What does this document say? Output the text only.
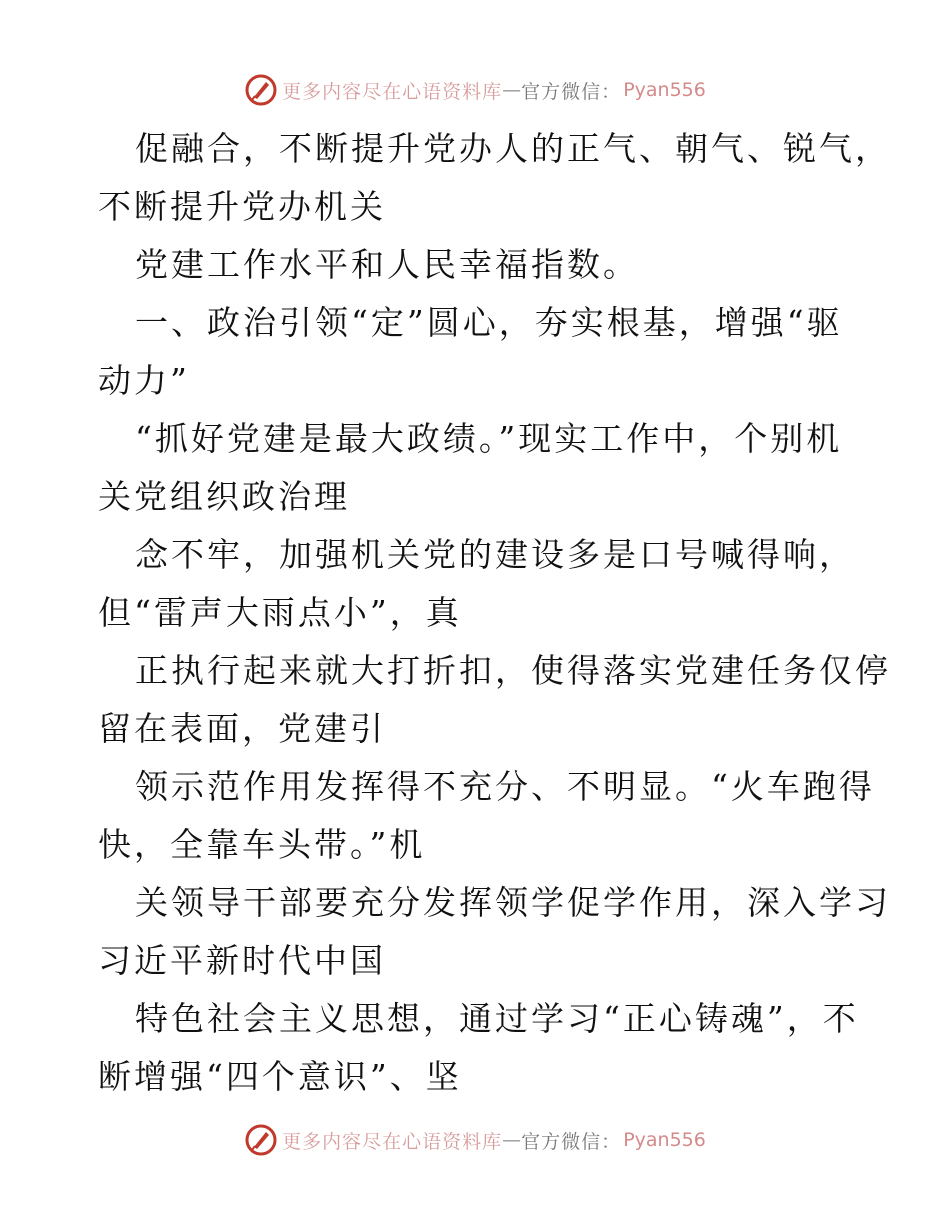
更多内容尽在心语资料库 — 官方微信： Pyan556
促融合，不断提升党办人的正气、朝气、锐气，
不断提升党办机关
党建工作水平和人民幸福指数。
一、政治引领“定”圆心，夯实根基，增强“驱
动力”
“抓好党建是最大政绩。”现实工作中，个别机
关党组织政治理
念不牢，加强机关党的建设多是口号喊得响，
但“雷声大雨点小”，真
正执行起来就大打折扣，使得落实党建任务仅停
留在表面，党建引
领示范作用发挥得不充分、不明显。“火车跑得
快，全靠车头带。”机
关领导干部要充分发挥领学促学作用，深入学习
习近平新时代中国
特色社会主义思想，通过学习“正心铸魂”，不
断增强“四个意识”、坚
更多内容尽在心语资料库 — 官方微信： Pyan556
